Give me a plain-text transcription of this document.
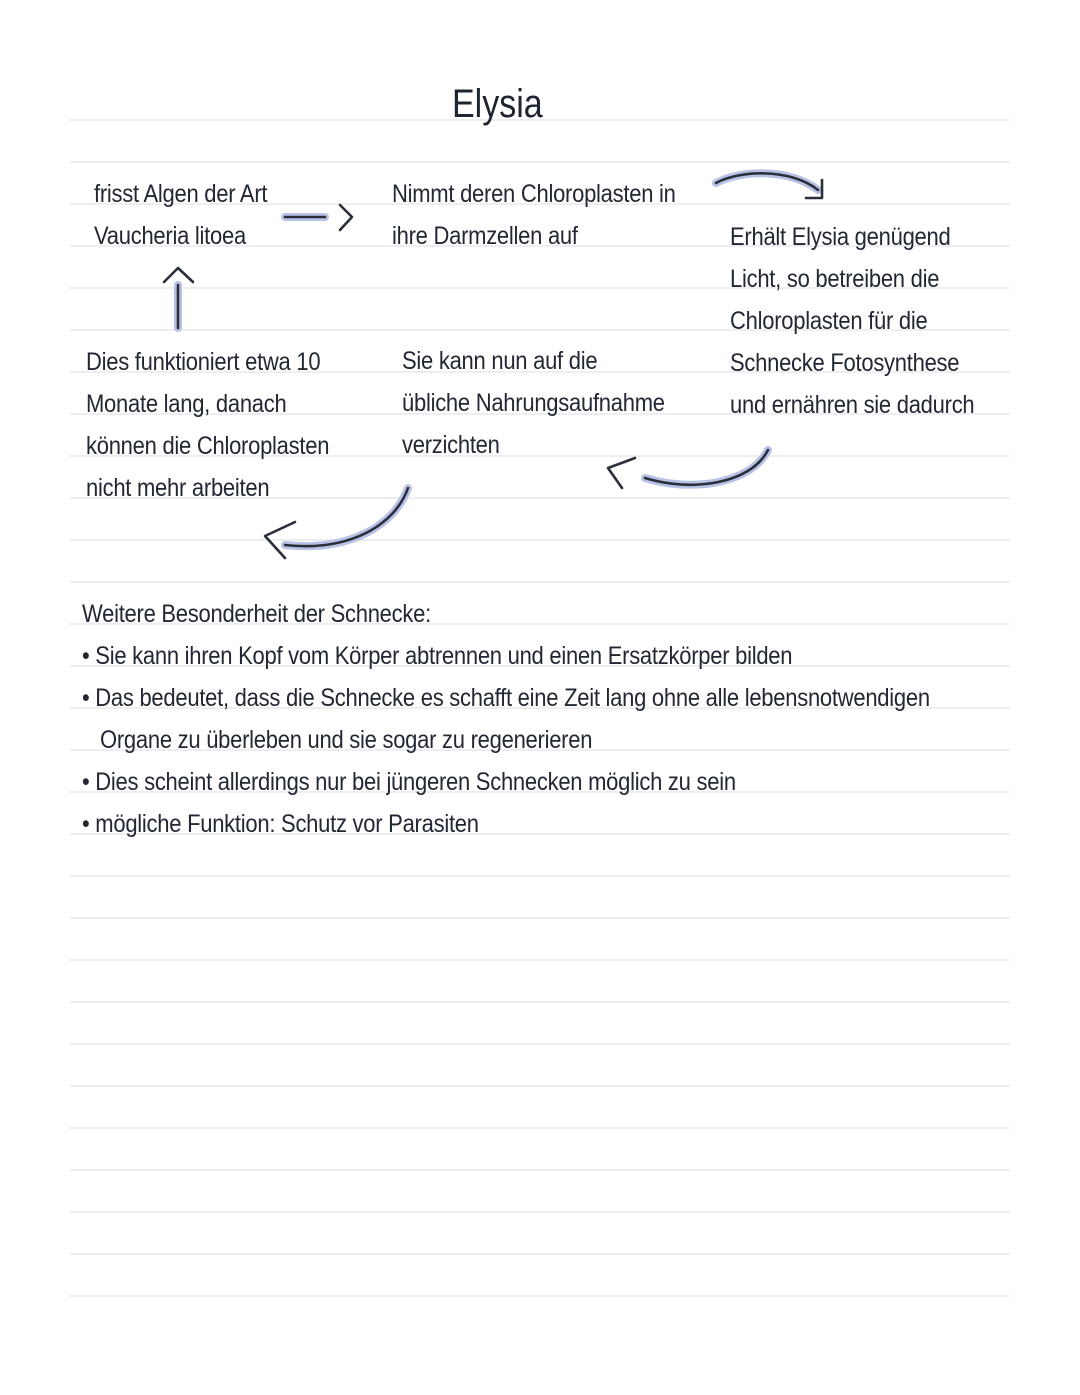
Elysia
frisst Algen der Art
Vaucheria litoea
Nimmt deren Chloroplasten in
ihre Darmzellen auf	Erhält Elysia genügend
Licht, so betreiben die
Chloroplasten für die
Schnecke Fotosynthese
und ernähren sie dadurch
Sie kann nun auf die
übliche Nahrungsaufnahme
verzichten
Dies funktioniert etwa 10
Monate lang, danach
können die Chloroplasten
nicht mehr arbeiten
Weitere Besonderheit der Schnecke:
• Sie kann ihren Kopf vom Körper abtrennen und einen Ersatzkörper bilden
• Das bedeutet, dass die Schnecke es schafft eine Zeit lang ohne alle lebensnotwendigen
Organe zu überleben und sie sogar zu regenerieren
• Dies scheint allerdings nur bei jüngeren Schnecken möglich zu sein
• mögliche Funktion: Schutz vor Parasiten
